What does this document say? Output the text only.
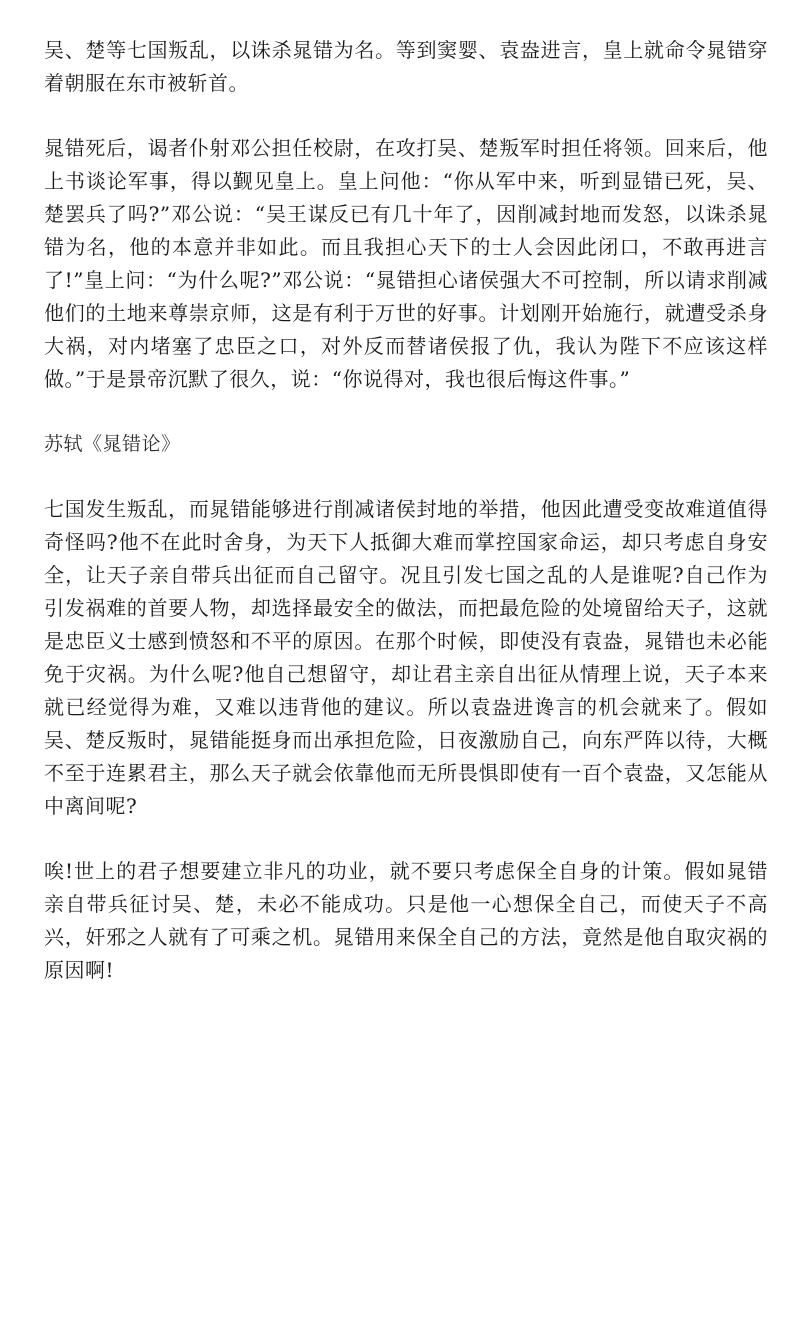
吴、楚等七国叛乱，以诛杀晁错为名。等到窦婴、袁盎进言，皇上就命令晁错穿着朝服在东市被斩首。

晁错死后，谒者仆射邓公担任校尉，在攻打吴、楚叛军时担任将领。回来后，他上书谈论军事，得以觐见皇上。皇上问他：“你从军中来，听到显错已死，吴、楚罢兵了吗?”邓公说：“吴王谋反已有几十年了，因削减封地而发怒，以诛杀晁错为名，他的本意并非如此。而且我担心天下的士人会因此闭口，不敢再进言了!”皇上问：“为什么呢?”邓公说：“晁错担心诸侯强大不可控制，所以请求削减他们的土地来尊崇京师，这是有利于万世的好事。计划刚开始施行，就遭受杀身大祸，对内堵塞了忠臣之口，对外反而替诸侯报了仇，我认为陛下不应该这样做。”于是景帝沉默了很久，说：“你说得对，我也很后悔这件事。”

苏轼《晁错论》

七国发生叛乱，而晁错能够进行削减诸侯封地的举措，他因此遭受变故难道值得奇怪吗?他不在此时舍身，为天下人抵御大难而掌控国家命运，却只考虑自身安全，让天子亲自带兵出征而自己留守。况且引发七国之乱的人是谁呢?自己作为引发祸难的首要人物，却选择最安全的做法，而把最危险的处境留给天子，这就是忠臣义士感到愤怒和不平的原因。在那个时候，即使没有袁盎，晁错也未必能免于灾祸。为什么呢?他自己想留守，却让君主亲自出征从情理上说，天子本来就已经觉得为难，又难以违背他的建议。所以袁盎进谗言的机会就来了。假如吴、楚反叛时，晁错能挺身而出承担危险，日夜激励自己，向东严阵以待，大概不至于连累君主，那么天子就会依靠他而无所畏惧即使有一百个袁盎，又怎能从中离间呢?

唉!世上的君子想要建立非凡的功业，就不要只考虑保全自身的计策。假如晁错亲自带兵征讨吴、楚，未必不能成功。只是他一心想保全自己，而使天子不高兴，奸邪之人就有了可乘之机。晁错用来保全自己的方法，竟然是他自取灾祸的原因啊!
